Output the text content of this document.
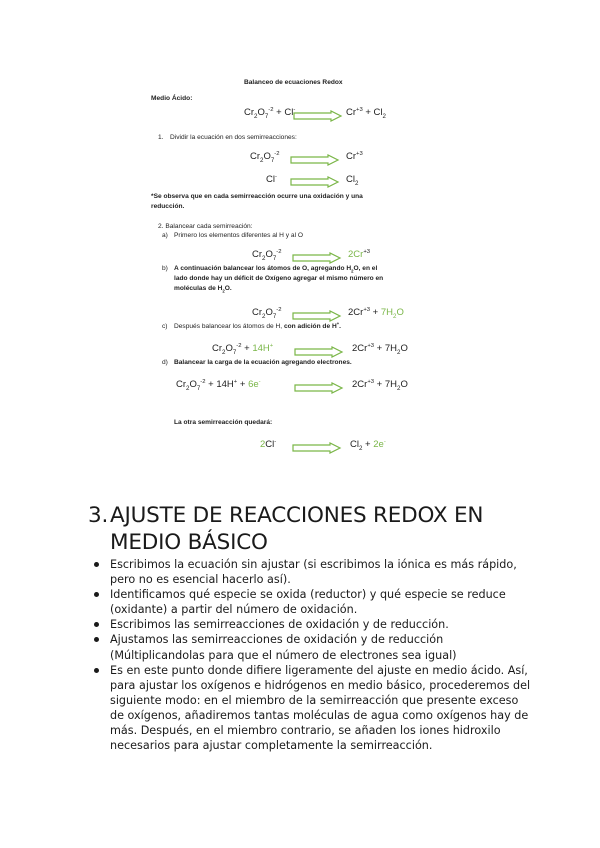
Balanceo de ecuaciones Redox
Medio Ácido:
$Cr_2O_7^{-2} + Cl^-$	$Cr^{+3} + Cl_2$
1. Dividir la ecuación en dos semirreacciones:
$Cr_2O_7^{-2}$	$Cr^{+3}$
Cl-	$Cl_2$
*Se observa que en cada semirreacción ocurre una oxidación y una
reducción.
2. Balancear cada semirreación:
a) Primero los elementos diferentes al H y al O
$Cr_2O_7^{-2}$	$2Cr^{+3}$
b) A continuación balancear los átomos de O, agregando $H_2O$, en el
lado donde hay un déficit de Oxígeno agregar el mismo número en
moléculas de $H_2O$.
$Cr_2O_7^{-2}$	$2Cr^{+3} + 7H_2O$
c) Después balancear los átomos de H, con adición de H+.
$Cr_2O_7^{-2} + 14H^+$	$2Cr^{+3} + 7H_2O$
d) Balancear la carga de la ecuación agregando electrones.
$Cr_2O_7^{-2} + 14H^+ + 6e^-$	$2Cr^{+3} + 7H_2O$
La otra semirreacción quedará:
2Cl-	$Cl_2 + 2e^-$
3.AJUSTE DE REACCIONES REDOX EN
MEDIO BÁSICO
Escribimos la ecuación sin ajustar (si escribimos la iónica es más rápido, pero no es esencial hacerlo así).
Identificamos qué especie se oxida (reductor) y qué especie se reduce (oxidante) a partir del número de oxidación.
Escribimos las semirreacciones de oxidación y de reducción.
Ajustamos las semirreacciones de oxidación y de reducción (Múltiplicandolas para que el número de electrones sea igual)
Es en este punto donde difiere ligeramente del ajuste en medio ácido. Así, para ajustar los oxígenos e hidrógenos en medio básico, procederemos del siguiente modo: en el miembro de la semirreacción que presente exceso de oxígenos, añadiremos tantas moléculas de agua como oxígenos hay de más. Después, en el miembro contrario, se añaden los iones hidroxilo necesarios para ajustar completamente la semirreacción.
